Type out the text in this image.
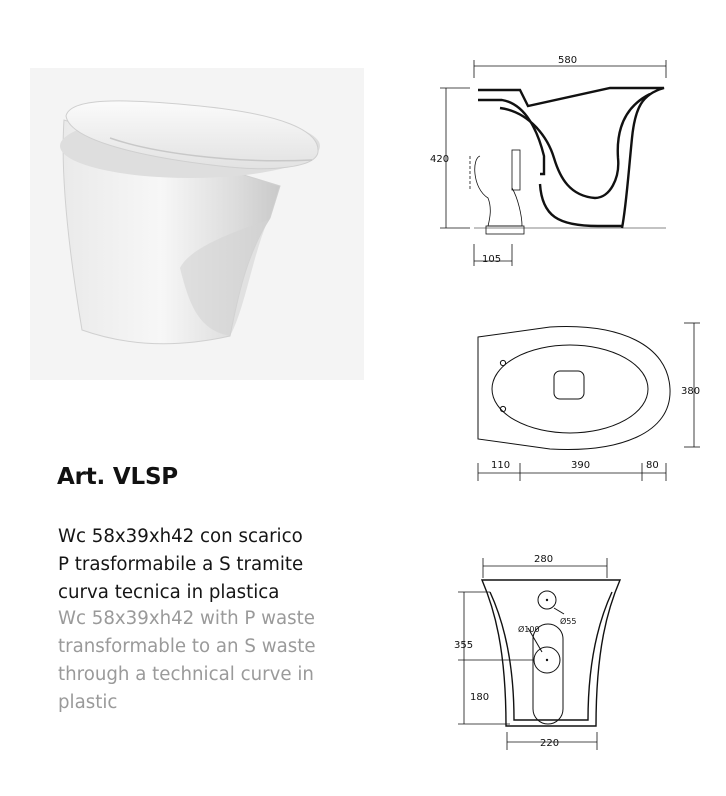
Art. VLSP
Wc 58x39xh42 con scarico
P trasformabile a S tramite
curva tecnica in plastica
Wc 58x39xh42 with P waste
transformable to an S waste
through a technical curve in
plastic
580
420
105
380
110	390	80
280
355
180
220
Ø55
Ø100
